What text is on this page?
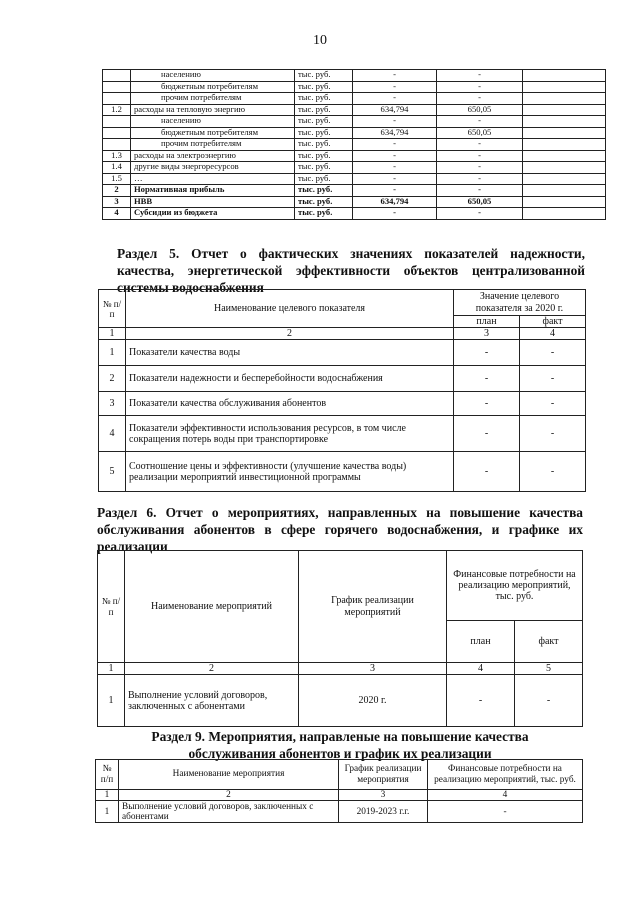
10
	населению	тыс. руб.	-	-	
	бюджетным потребителям	тыс. руб.	-	-	
	прочим потребителям	тыс. руб.	-	-	
1.2	расходы на тепловую энергию	тыс. руб.	634,794	650,05	
	населению	тыс. руб.	-	-	
	бюджетным потребителям	тыс. руб.	634,794	650,05	
	прочим потребителям	тыс. руб.	-	-	
1.3	расходы на электроэнергию	тыс. руб.	-	-	
1.4	другие виды энергоресурсов	тыс. руб.	-	-	
1.5	…	тыс. руб.	-	-	
2	Нормативная прибыль	тыс. руб.	-	-	
3	НВВ	тыс. руб.	634,794	650,05	
4	Субсидии из бюджета	тыс. руб.	-	-	
Раздел 5. Отчет о фактических значениях показателей надежности, качества, энергетической эффективности объектов централизованной системы водоснабжения
№ п/п	Наименование целевого показателя	Значение целевого показателя за 2020 г.	
		план	факт
1	2	3	4
1	Показатели качества воды	-	-
2	Показатели надежности и бесперебойности водоснабжения	-	-
3	Показатели качества обслуживания абонентов	-	-
4	Показатели эффективности использования ресурсов, в том числе сокращения потерь воды при транспортировке	-	-
5	Соотношение цены и эффективности (улучшение качества воды) реализации мероприятий инвестиционной программы	-	-
Раздел 6. Отчет о мероприятиях, направленных на повышение качества обслуживания абонентов в сфере горячего водоснабжения, и графике их реализации
№ п/п	Наименование мероприятий	График реализации мероприятий	Финансовые потребности на реализацию мероприятий, тыс. руб.	
			план	факт
1	2	3	4	5
1	Выполнение условий договоров, заключенных с абонентами	2020 г.	-	-
Раздел 9. Мероприятия, направленые на повышение качества обслуживания абонентов и график их реализации
№ п/п	Наименование мероприятия	График реализации мероприятия	Финансовые потребности на реализацию мероприятий, тыс. руб.
1	2	3	4
1	Выполнение условий договоров, заключенных с абонентами	2019-2023 г.г.	-
